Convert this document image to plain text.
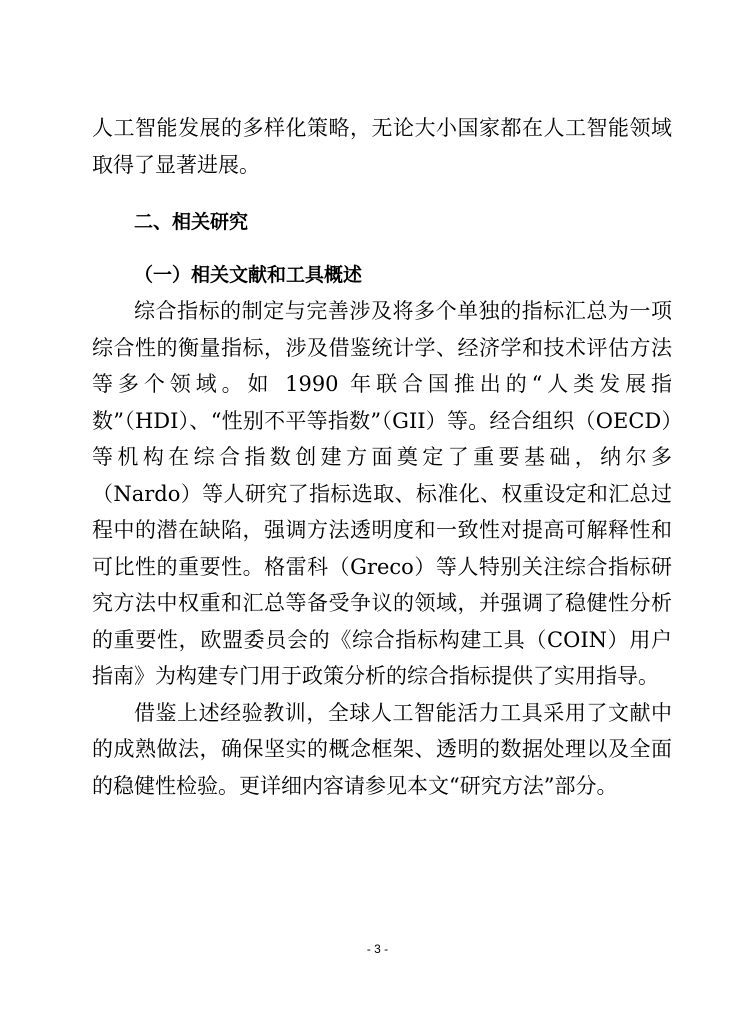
人工智能发展的多样化策略，无论大小国家都在人工智能领域取得了显著进展。

二、相关研究
（一）相关文献和工具概述

综合指标的制定与完善涉及将多个单独的指标汇总为一项综合性的衡量指标，涉及借鉴统计学、经济学和技术评估方法等多个领域。如 1990 年联合国推出的“人类发展指数”（HDI）、“性别不平等指数”（GII）等。经合组织（OECD）等机构在综合指数创建方面奠定了重要基础，纳尔多（Nardo）等人研究了指标选取、标准化、权重设定和汇总过程中的潜在缺陷，强调方法透明度和一致性对提高可解释性和可比性的重要性。格雷科（Greco）等人特别关注综合指标研究方法中权重和汇总等备受争议的领域，并强调了稳健性分析的重要性，欧盟委员会的《综合指标构建工具（COIN）用户指南》为构建专门用于政策分析的综合指标提供了实用指导。

借鉴上述经验教训，全球人工智能活力工具采用了文献中的成熟做法，确保坚实的概念框架、透明的数据处理以及全面的稳健性检验。更详细内容请参见本文“研究方法”部分。

- 3 -
